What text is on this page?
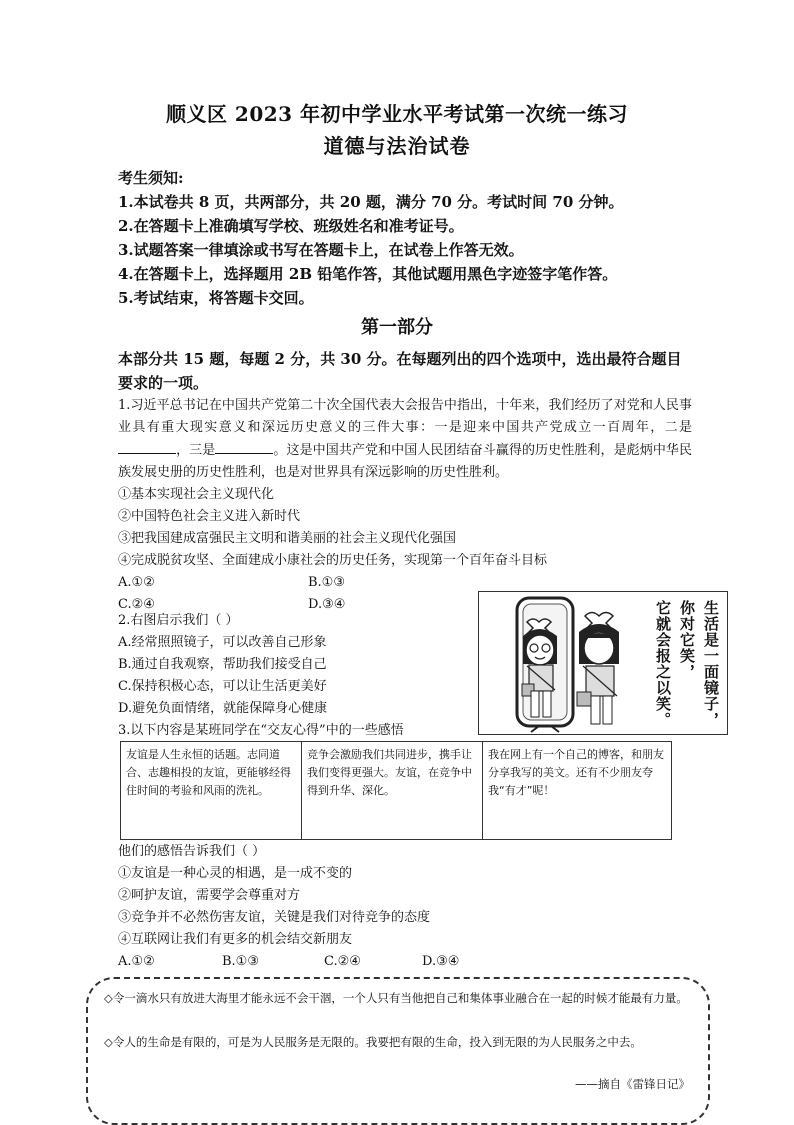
顺义区 2023 年初中学业水平考试第一次统一练习
道德与法治试卷
考生须知:
1.本试卷共 8 页，共两部分，共 20 题，满分 70 分。考试时间 70 分钟。
2.在答题卡上准确填写学校、班级姓名和准考证号。
3.试题答案一律填涂或书写在答题卡上，在试卷上作答无效。
4.在答题卡上，选择题用 2B 铅笔作答，其他试题用黑色字迹签字笔作答。
5.考试结束，将答题卡交回。
第一部分
本部分共 15 题，每题 2 分，共 30 分。在每题列出的四个选项中，选出最符合题目要求的一项。
1.习近平总书记在中国共产党第二十次全国代表大会报告中指出，十年来，我们经历了对党和人民事业具有重大现实意义和深远历史意义的三件大事：一是迎来中国共产党成立一百周年，二是，三是	。这是中国共产党和中国人民团结奋斗赢得的历史性胜利，是彪炳中华民族发展史册的历史性胜利，也是对世界具有深远影响的历史性胜利。
①基本实现社会主义现代化
②中国特色社会主义进入新时代
③把我国建成富强民主文明和谐美丽的社会主义现代化强国
④完成脱贫攻坚、全面建成小康社会的历史任务，实现第一个百年奋斗目标
A.①②	B.①③
C.②④	D.③④
2.右图启示我们（ ）
A.经常照照镜子，可以改善自己形象
B.通过自我观察，帮助我们接受自己
C.保持积极心态，可以让生活更美好
D.避免负面情绪，就能保障身心健康
3.以下内容是某班同学在“交友心得”中的一些感悟
生活是一面镜子，
你对它笑，
它就会报之以笑。
友谊是人生永恒的话题。志同道合、志趣相投的友谊，更能够经得住时间的考验和风雨的洗礼。	竞争会激励我们共同进步，携手让我们变得更强大。友谊，在竞争中得到升华、深化。	我在网上有一个自己的博客，和朋友分享我写的美文。还有不少朋友夸我“有才”呢！
他们的感悟告诉我们（ ）
①友谊是一种心灵的相遇，是一成不变的
②呵护友谊，需要学会尊重对方
③竞争并不必然伤害友谊，关键是我们对待竞争的态度
④互联网让我们有更多的机会结交新朋友
A.①②	B.①③	C.②④	D.③④
◇令一滴水只有放进大海里才能永远不会干涸，一个人只有当他把自己和集体事业融合在一起的时候才能最有力量。
◇令人的生命是有限的，可是为人民服务是无限的。我要把有限的生命，投入到无限的为人民服务之中去。
——摘自《雷锋日记》
